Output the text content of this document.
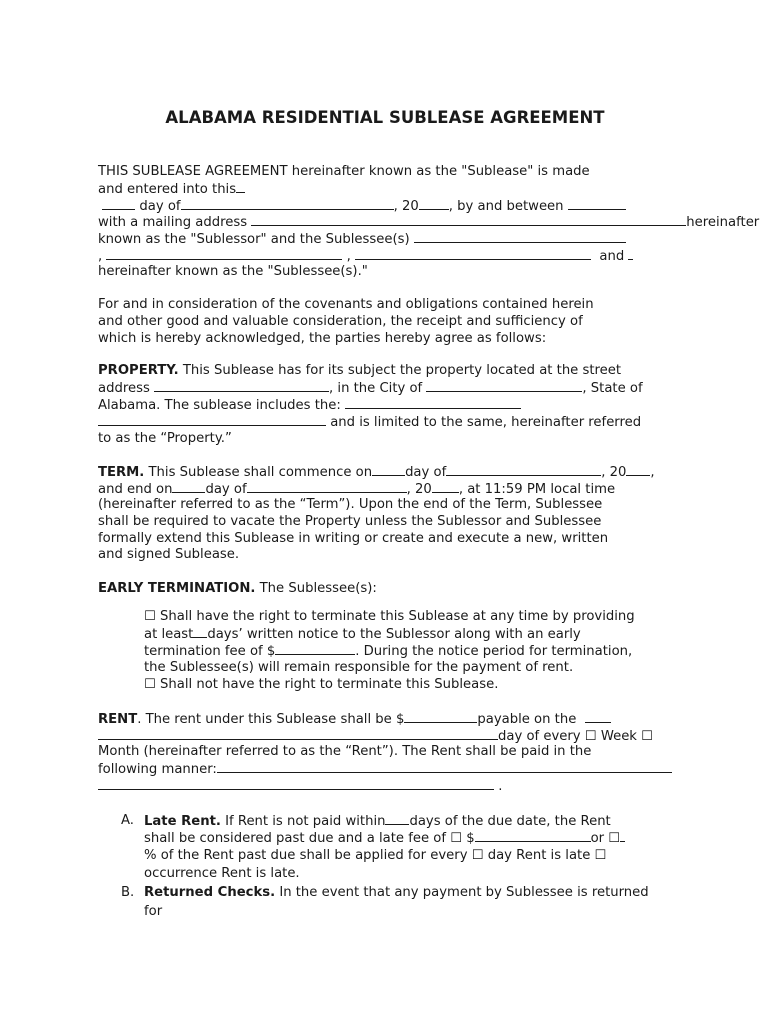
ALABAMA RESIDENTIAL SUBLEASE AGREEMENT
THIS SUBLEASE AGREEMENT hereinafter known as the "Sublease" is made
and entered into this
day of	, 20 , by and between
with a mailing address	hereinafter
known as the "Sublessor" and the Sublessee(s)
,	,	and
hereinafter known as the "Sublessee(s)."
For and in consideration of the covenants and obligations contained herein
and other good and valuable consideration, the receipt and sufficiency of
which is hereby acknowledged, the parties hereby agree as follows:
PROPERTY. This Sublease has for its subject the property located at the street
address	, in the City of	, State of
Alabama. The sublease includes the:
and is limited to the same, hereinafter referred
to as the “Property.”
TERM. This Sublease shall commence on	day of	, 20 ,
and end on	day of	, 20 , at 11:59 PM local time
(hereinafter referred to as the “Term”). Upon the end of the Term, Sublessee
shall be required to vacate the Property unless the Sublessor and Sublessee
formally extend this Sublease in writing or create and execute a new, written
and signed Sublease.
EARLY TERMINATION. The Sublessee(s):
☐ Shall have the right to terminate this Sublease at any time by providing
at least days’ written notice to the Sublessor along with an early
termination fee of $	. During the notice period for termination,
the Sublessee(s) will remain responsible for the payment of rent.
☐ Shall not have the right to terminate this Sublease.
RENT. The rent under this Sublease shall be $	payable on the
day of every ☐ Week ☐
Month (hereinafter referred to as the “Rent”). The Rent shall be paid in the
following manner:
.
A. Late Rent. If Rent is not paid within days of the due date, the Rent
shall be considered past due and a late fee of ☐ $	or ☐
% of the Rent past due shall be applied for every ☐ day Rent is late ☐
occurrence Rent is late.
B. Returned Checks. In the event that any payment by Sublessee is returned
for
